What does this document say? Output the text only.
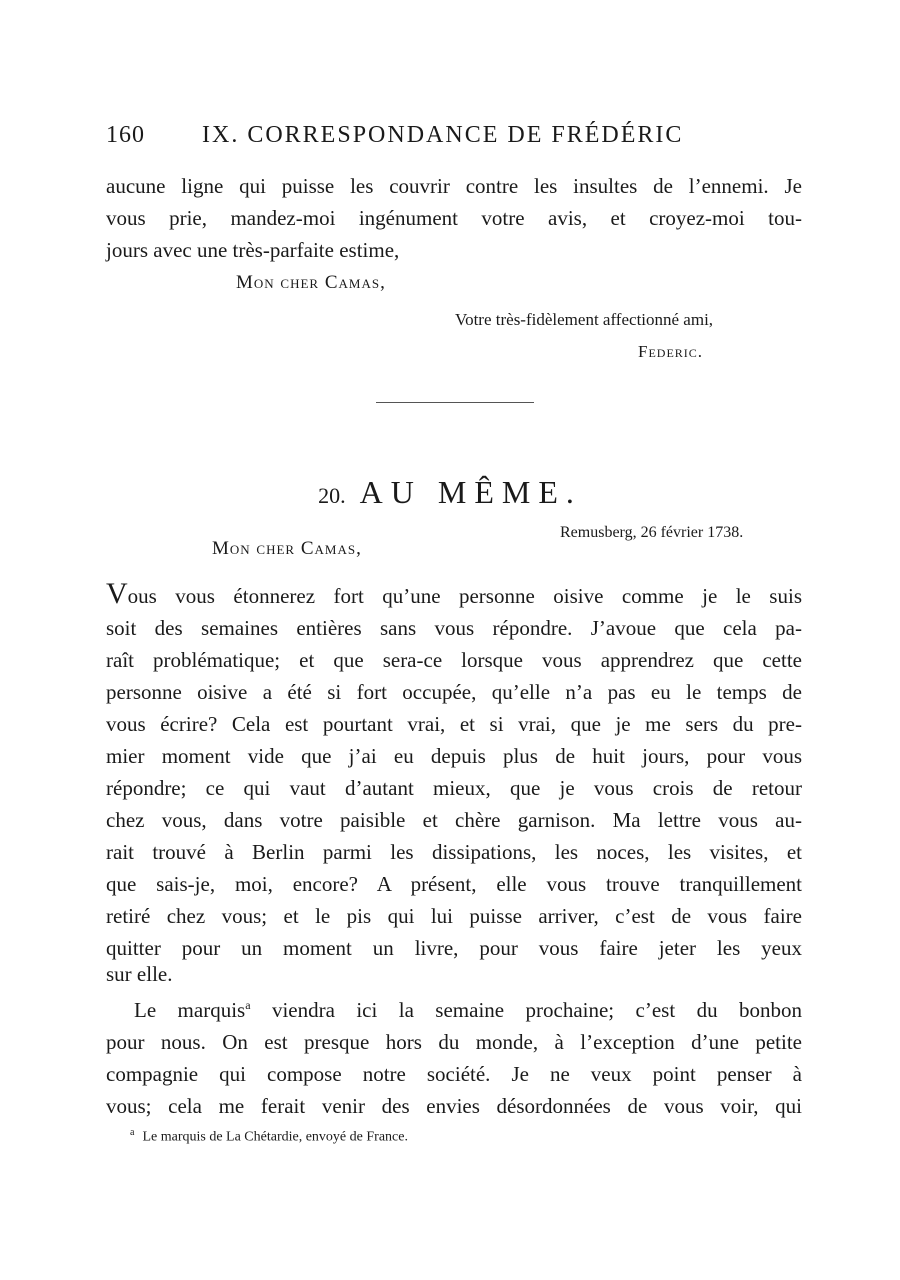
160 IX. CORRESPONDANCE DE FRÉDÉRIC
aucune ligne qui puisse les couvrir contre les insultes de l’ennemi. Je
vous prie, mandez-moi ingénument votre avis, et croyez-moi tou-
jours avec une très-parfaite estime,
Mon cher Camas,
Votre très-fidèlement affectionné ami,
Federic.
20. AU MÊME.
Remusberg, 26 février 1738.
Mon cher Camas,
Vous vous étonnerez fort qu’une personne oisive comme je le suis
soit des semaines entières sans vous répondre. J’avoue que cela pa-
raît problématique; et que sera-ce lorsque vous apprendrez que cette
personne oisive a été si fort occupée, qu’elle n’a pas eu le temps de
vous écrire? Cela est pourtant vrai, et si vrai, que je me sers du pre-
mier moment vide que j’ai eu depuis plus de huit jours, pour vous
répondre; ce qui vaut d’autant mieux, que je vous crois de retour
chez vous, dans votre paisible et chère garnison. Ma lettre vous au-
rait trouvé à Berlin parmi les dissipations, les noces, les visites, et
que sais-je, moi, encore? A présent, elle vous trouve tranquillement
retiré chez vous; et le pis qui lui puisse arriver, c’est de vous faire
quitter pour un moment un livre, pour vous faire jeter les yeux
sur elle.
Le marquis$^a$ viendra ici la semaine prochaine; c’est du bonbon
pour nous. On est presque hors du monde, à l’exception d’une petite
compagnie qui compose notre société. Je ne veux point penser à
vous; cela me ferait venir des envies désordonnées de vous voir, qui
$^a$ Le marquis de La Chétardie, envoyé de France.
